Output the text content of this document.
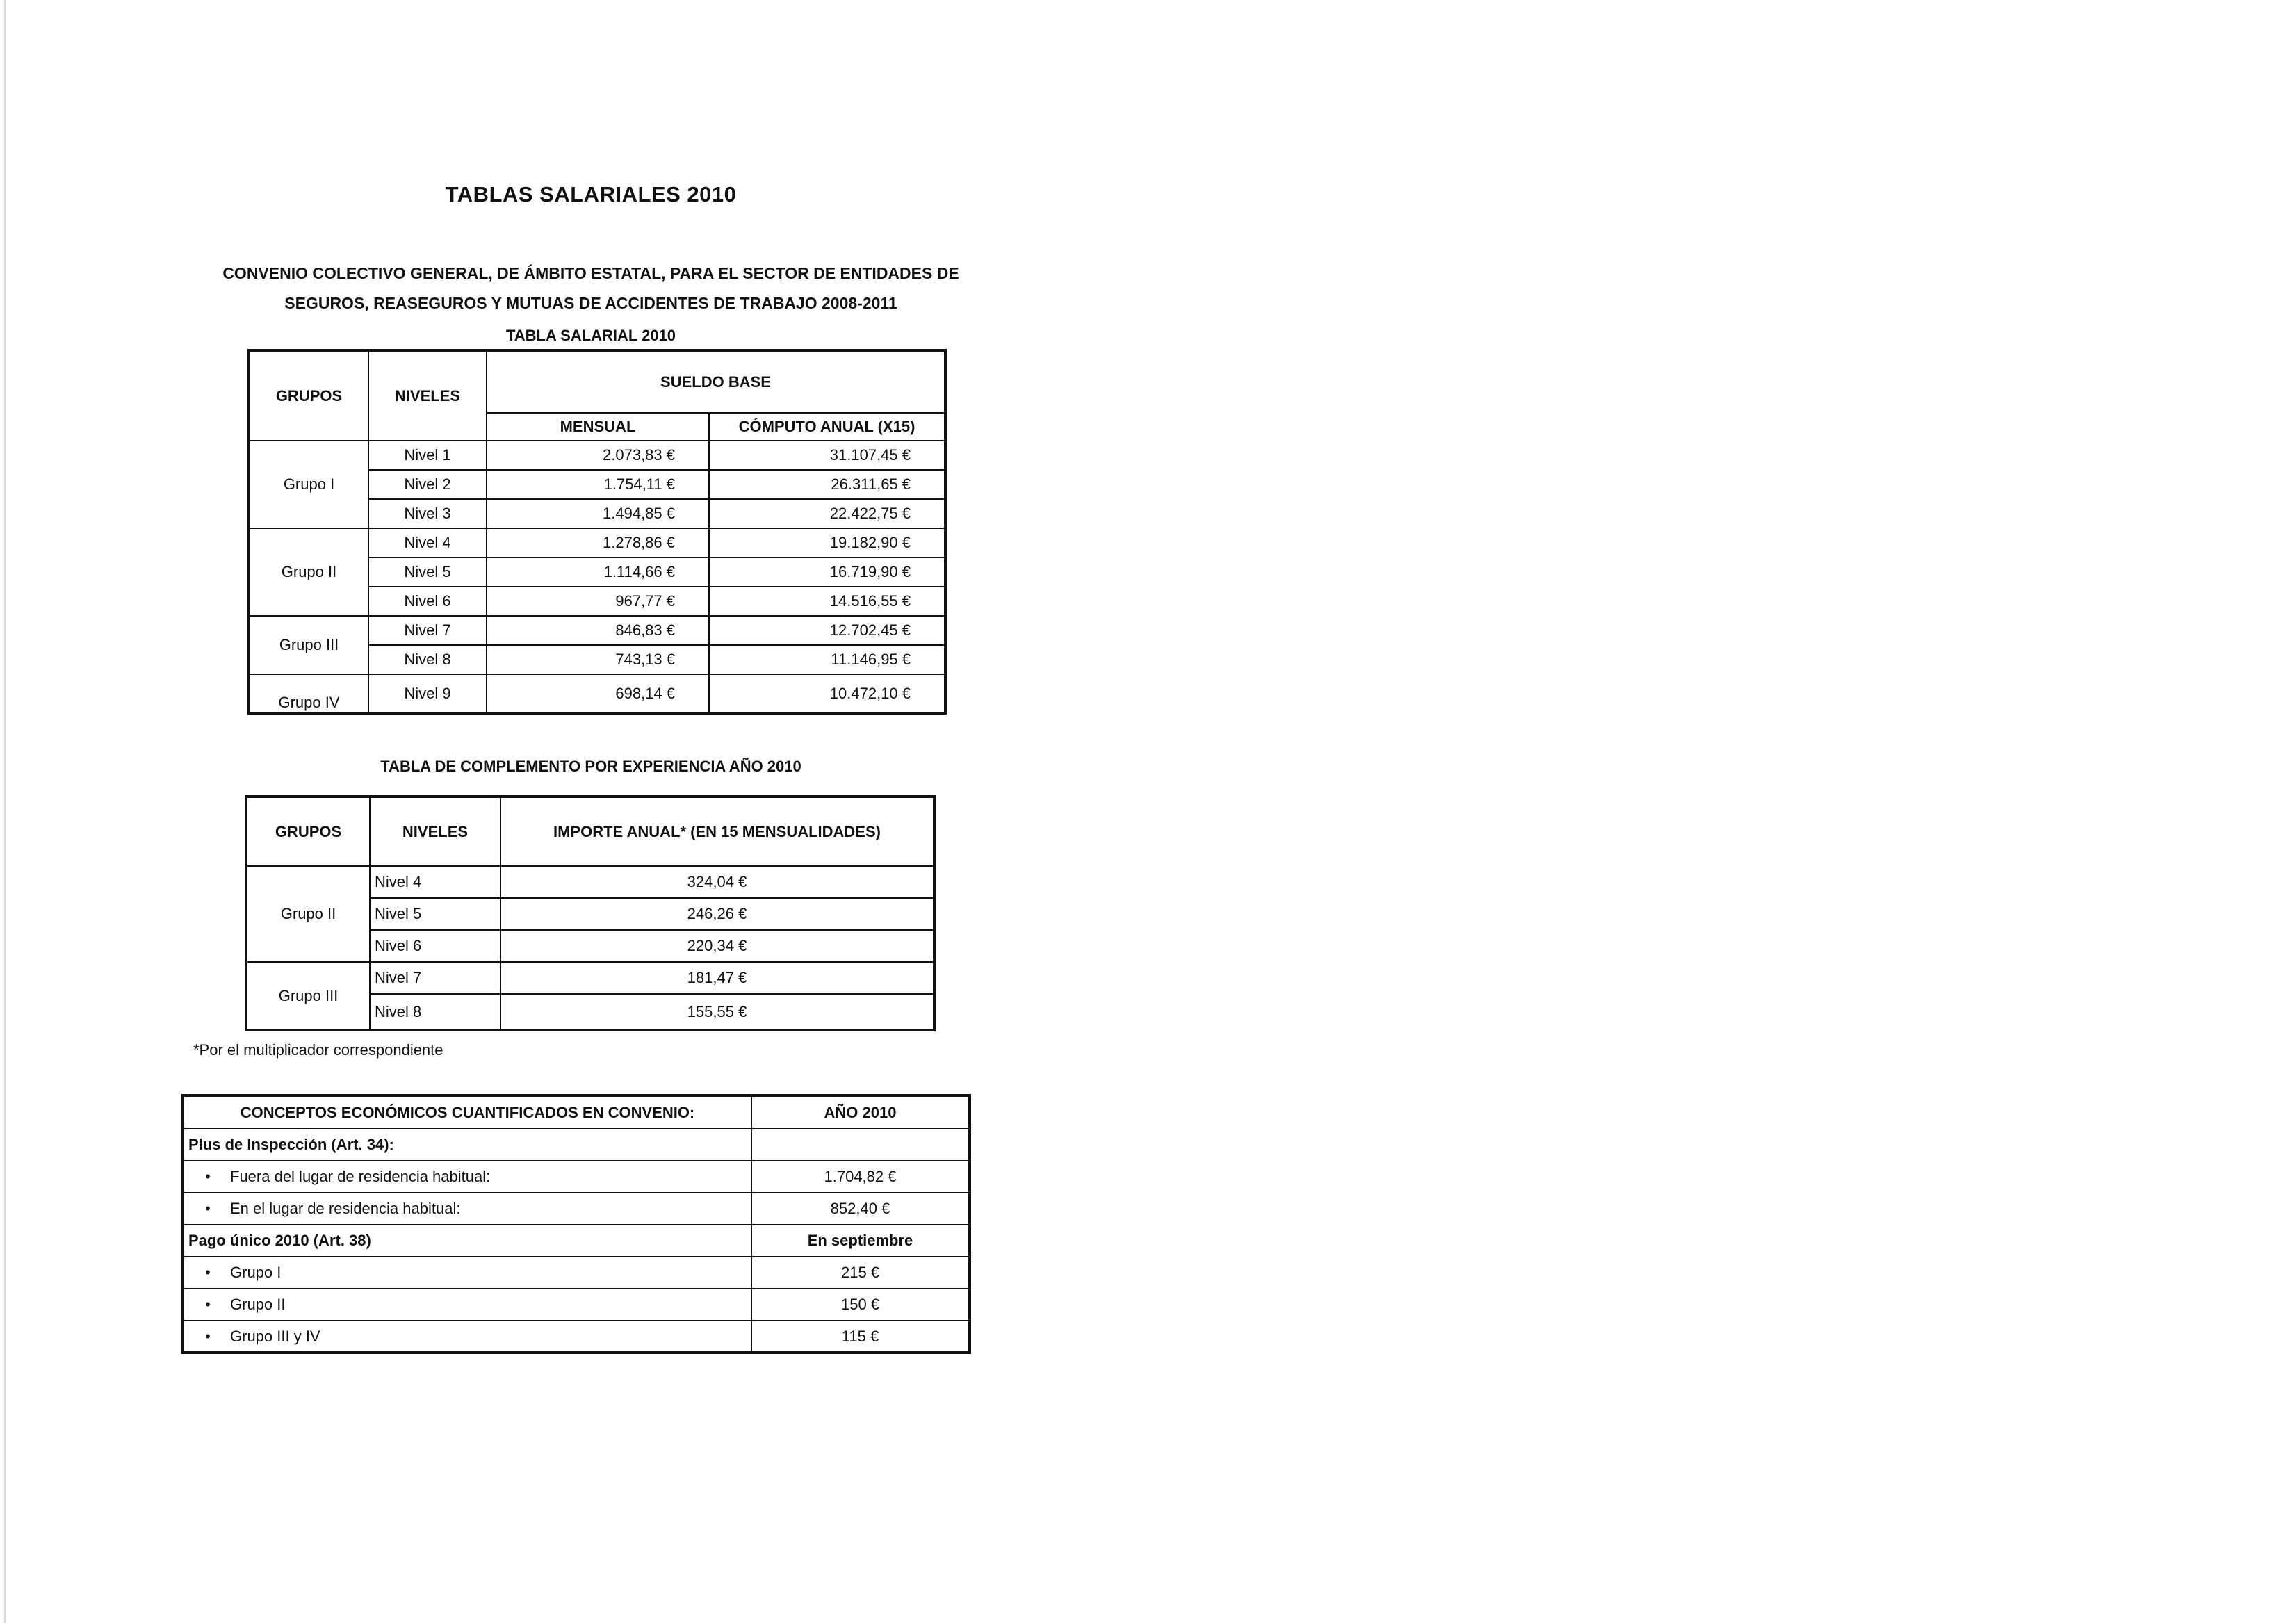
TABLAS SALARIALES 2010
CONVENIO COLECTIVO GENERAL, DE ÁMBITO ESTATAL, PARA EL SECTOR DE ENTIDADES DE
SEGUROS, REASEGUROS Y MUTUAS DE ACCIDENTES DE TRABAJO 2008-2011
TABLA SALARIAL 2010
GRUPOS	NIVELES	SUELDO BASE	
		MENSUAL	CÓMPUTO ANUAL (X15)
Grupo I	Nivel 1	2.073,83 €	31.107,45 €
	Nivel 2	1.754,11 €	26.311,65 €
	Nivel 3	1.494,85 €	22.422,75 €
Grupo II	Nivel 4	1.278,86 €	19.182,90 €
	Nivel 5	1.114,66 €	16.719,90 €
	Nivel 6	967,77 €	14.516,55 €
Grupo III	Nivel 7	846,83 €	12.702,45 €
	Nivel 8	743,13 €	11.146,95 €
Grupo IV	Nivel 9	698,14 €	10.472,10 €
TABLA DE COMPLEMENTO POR EXPERIENCIA AÑO 2010
GRUPOS	NIVELES	IMPORTE ANUAL* (EN 15 MENSUALIDADES)
Grupo II	Nivel 4	324,04 €
	Nivel 5	246,26 €
	Nivel 6	220,34 €
Grupo III	Nivel 7	181,47 €
	Nivel 8	155,55 €
*Por el multiplicador correspondiente
CONCEPTOS ECONÓMICOS CUANTIFICADOS EN CONVENIO:	AÑO 2010
Plus de Inspección (Art. 34):	
• Fuera del lugar de residencia habitual:	1.704,82 €
• En el lugar de residencia habitual:	852,40 €
Pago único 2010 (Art. 38)	En septiembre
• Grupo I	215 €
• Grupo II	150 €
• Grupo III y IV	115 €
